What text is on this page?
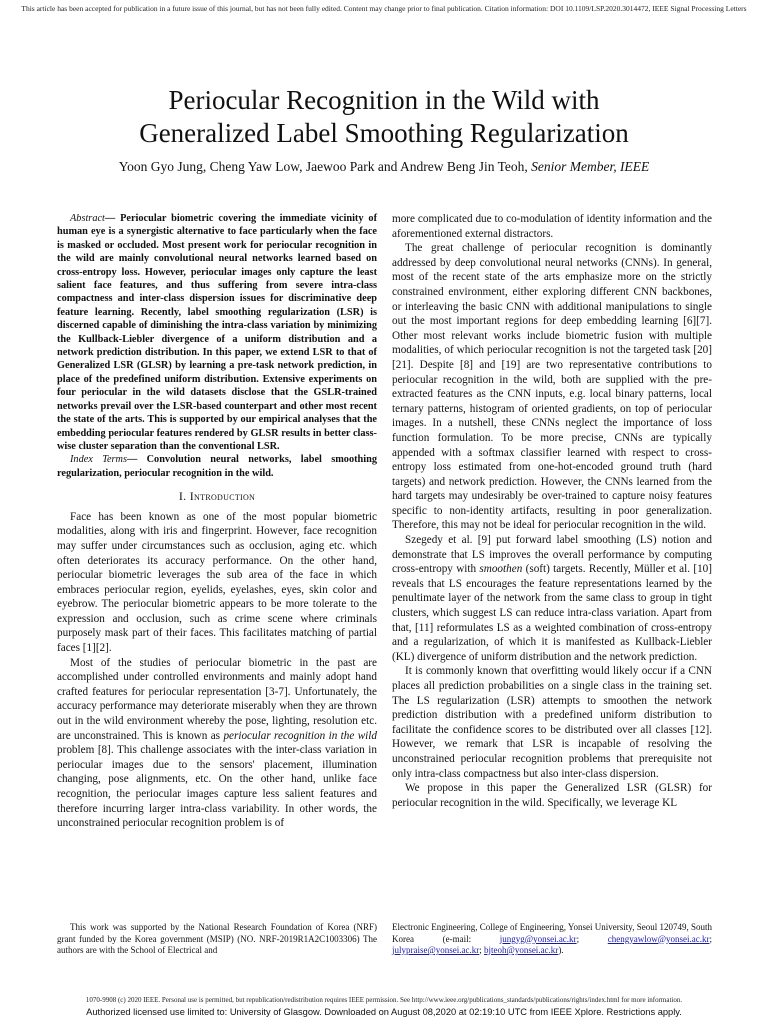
This article has been accepted for publication in a future issue of this journal, but has not been fully edited. Content may change prior to final publication. Citation information: DOI 10.1109/LSP.2020.3014472, IEEE Signal Processing Letters
Periocular Recognition in the Wild with
Generalized Label Smoothing Regularization
Yoon Gyo Jung, Cheng Yaw Low, Jaewoo Park and Andrew Beng Jin Teoh, Senior Member, IEEE

Abstract— Periocular biometric covering the immediate vicinity of human eye is a synergistic alternative to face particularly when the face is masked or occluded. Most present work for periocular recognition in the wild are mainly convolutional neural networks learned based on cross-entropy loss. However, periocular images only capture the least salient face features, and thus suffering from severe intra-class compactness and inter-class dispersion issues for discriminative deep feature learning. Recently, label smoothing regularization (LSR) is discerned capable of diminishing the intra-class variation by minimizing the Kullback-Liebler divergence of a uniform distribution and a network prediction distribution. In this paper, we extend LSR to that of Generalized LSR (GLSR) by learning a pre-task network prediction, in place of the predefined uniform distribution. Extensive experiments on four periocular in the wild datasets disclose that the GSLR-trained networks prevail over the LSR-based counterpart and other most recent the state of the arts. This is supported by our empirical analyses that the embedding periocular features rendered by GLSR results in better class-wise cluster separation than the conventional LSR.

Index Terms— Convolution neural networks, label smoothing regularization, periocular recognition in the wild.

I. Introduction

Face has been known as one of the most popular biometric modalities, along with iris and fingerprint. However, face recognition may suffer under circumstances such as occlusion, aging etc. which often deteriorates its accuracy performance. On the other hand, periocular biometric leverages the sub area of the face in which embraces periocular region, eyelids, eyelashes, eyes, skin color and eyebrow. The periocular biometric appears to be more tolerate to the expression and occlusion, such as crime scene where criminals purposely mask part of their faces. This facilitates matching of partial faces [1][2].

Most of the studies of periocular biometric in the past are accomplished under controlled environments and mainly adopt hand crafted features for periocular representation [3-7]. Unfortunately, the accuracy performance may deteriorate miserably when they are thrown out in the wild environment whereby the pose, lighting, resolution etc. are unconstrained. This is known as periocular recognition in the wild problem [8]. This challenge associates with the inter-class variation in periocular images due to the sensors' placement, illumination changing, pose alignments, etc. On the other hand, unlike face recognition, the periocular images capture less salient features and therefore incurring larger intra-class variability. In other words, the unconstrained periocular recognition problem is of

more complicated due to co-modulation of identity information and the aforementioned external distractors.

The great challenge of periocular recognition is dominantly addressed by deep convolutional neural networks (CNNs). In general, most of the recent state of the arts emphasize more on the strictly constrained environment, either exploring different CNN backbones, or interleaving the basic CNN with additional manipulations to single out the most important regions for deep embedding learning [6][7]. Other most relevant works include biometric fusion with multiple modalities, of which periocular recognition is not the targeted task [20][21]. Despite [8] and [19] are two representative contributions to periocular recognition in the wild, both are supplied with the pre-extracted features as the CNN inputs, e.g. local binary patterns, local ternary patterns, histogram of oriented gradients, on top of periocular images. In a nutshell, these CNNs neglect the importance of loss function formulation. To be more precise, CNNs are typically appended with a softmax classifier learned with respect to cross-entropy loss estimated from one-hot-encoded ground truth (hard targets) and network prediction. However, the CNNs learned from the hard targets may undesirably be over-trained to capture noisy features specific to non-identity artifacts, resulting in poor generalization. Therefore, this may not be ideal for periocular recognition in the wild.

Szegedy et al. [9] put forward label smoothing (LS) notion and demonstrate that LS improves the overall performance by computing cross-entropy with smoothen (soft) targets. Recently, Müller et al. [10] reveals that LS encourages the feature representations learned by the penultimate layer of the network from the same class to group in tight clusters, which suggest LS can reduce intra-class variation. Apart from that, [11] reformulates LS as a weighted combination of cross-entropy and a regularization, of which it is manifested as Kullback-Liebler (KL) divergence of uniform distribution and the network prediction.

It is commonly known that overfitting would likely occur if a CNN places all prediction probabilities on a single class in the training set. The LS regularization (LSR) attempts to smoothen the network prediction distribution with a predefined uniform distribution to facilitate the confidence scores to be distributed over all classes [12]. However, we remark that LSR is incapable of resolving the unconstrained periocular recognition problems that prerequisite not only intra-class compactness but also inter-class dispersion.

We propose in this paper the Generalized LSR (GLSR) for periocular recognition in the wild. Specifically, we leverage KL

This work was supported by the National Research Foundation of Korea (NRF) grant funded by the Korea government (MSIP) (NO. NRF-2019R1A2C1003306) The authors are with the School of Electrical and

Electronic Engineering, College of Engineering, Yonsei University, Seoul 120749, South Korea (e-mail:	jungyg@yonsei.ac.kr;	chengyawlow@yonsei.ac.kr; julypraise@yonsei.ac.kr; bjteoh@yonsei.ac.kr).
1070-9908 (c) 2020 IEEE. Personal use is permitted, but republication/redistribution requires IEEE permission. See http://www.ieee.org/publications_standards/publications/rights/index.html for more information.
Authorized licensed use limited to: University of Glasgow. Downloaded on August 08,2020 at 02:19:10 UTC from IEEE Xplore. Restrictions apply.
